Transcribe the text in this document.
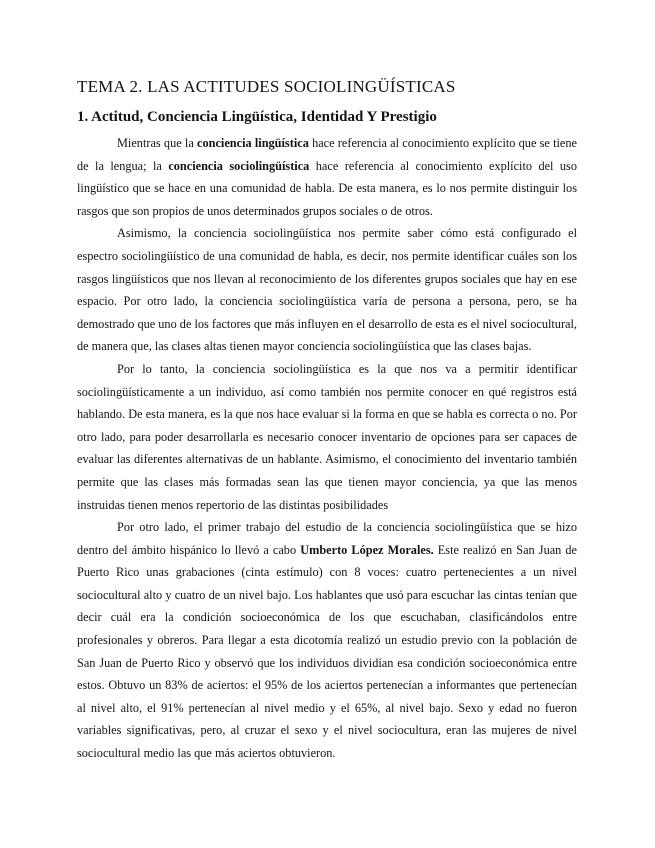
TEMA 2. LAS ACTITUDES SOCIOLINGÜÍSTICAS
1. Actitud, Conciencia Lingüística, Identidad Y Prestigio

Mientras que la conciencia lingüística hace referencia al conocimiento explícito que se tiene de la lengua; la conciencia sociolingüística hace referencia al conocimiento explícito del uso lingüístico que se hace en una comunidad de habla. De esta manera, es lo nos permite distinguir los rasgos que son propios de unos determinados grupos sociales o de otros.

Asimismo, la conciencia sociolingüística nos permite saber cómo está configurado el espectro sociolingüístico de una comunidad de habla, es decir, nos permite identificar cuáles son los rasgos lingüísticos que nos llevan al reconocimiento de los diferentes grupos sociales que hay en ese espacio. Por otro lado, la conciencia sociolingüística varía de persona a persona, pero, se ha demostrado que uno de los factores que más influyen en el desarrollo de esta es el nivel sociocultural, de manera que, las clases altas tienen mayor conciencia sociolingüística que las clases bajas.

Por lo tanto, la conciencia sociolingüística es la que nos va a permitir identificar sociolingüísticamente a un individuo, así como también nos permite conocer en qué registros está hablando. De esta manera, es la que nos hace evaluar si la forma en que se habla es correcta o no. Por otro lado, para poder desarrollarla es necesario conocer inventario de opciones para ser capaces de evaluar las diferentes alternativas de un hablante. Asimismo, el conocimiento del inventario también permite que las clases más formadas sean las que tienen mayor conciencia, ya que las menos instruidas tienen menos repertorio de las distintas posibilidades

Por otro lado, el primer trabajo del estudio de la conciencia sociolingüística que se hizo dentro del ámbito hispánico lo llevó a cabo Umberto López Morales. Este realizó en San Juan de Puerto Rico unas grabaciones (cinta estímulo) con 8 voces: cuatro pertenecientes a un nivel sociocultural alto y cuatro de un nivel bajo. Los hablantes que usó para escuchar las cintas tenían que decir cuál era la condición socioeconómica de los que escuchaban, clasificándolos entre profesionales y obreros. Para llegar a esta dicotomía realizó un estudio previo con la población de San Juan de Puerto Rico y observó que los individuos dividían esa condición socioeconómica entre estos. Obtuvo un 83% de aciertos: el 95% de los aciertos pertenecían a informantes que pertenecían al nivel alto, el 91% pertenecían al nivel medio y el 65%, al nivel bajo. Sexo y edad no fueron variables significativas, pero, al cruzar el sexo y el nivel sociocultura, eran las mujeres de nivel sociocultural medio las que más aciertos obtuvieron.
